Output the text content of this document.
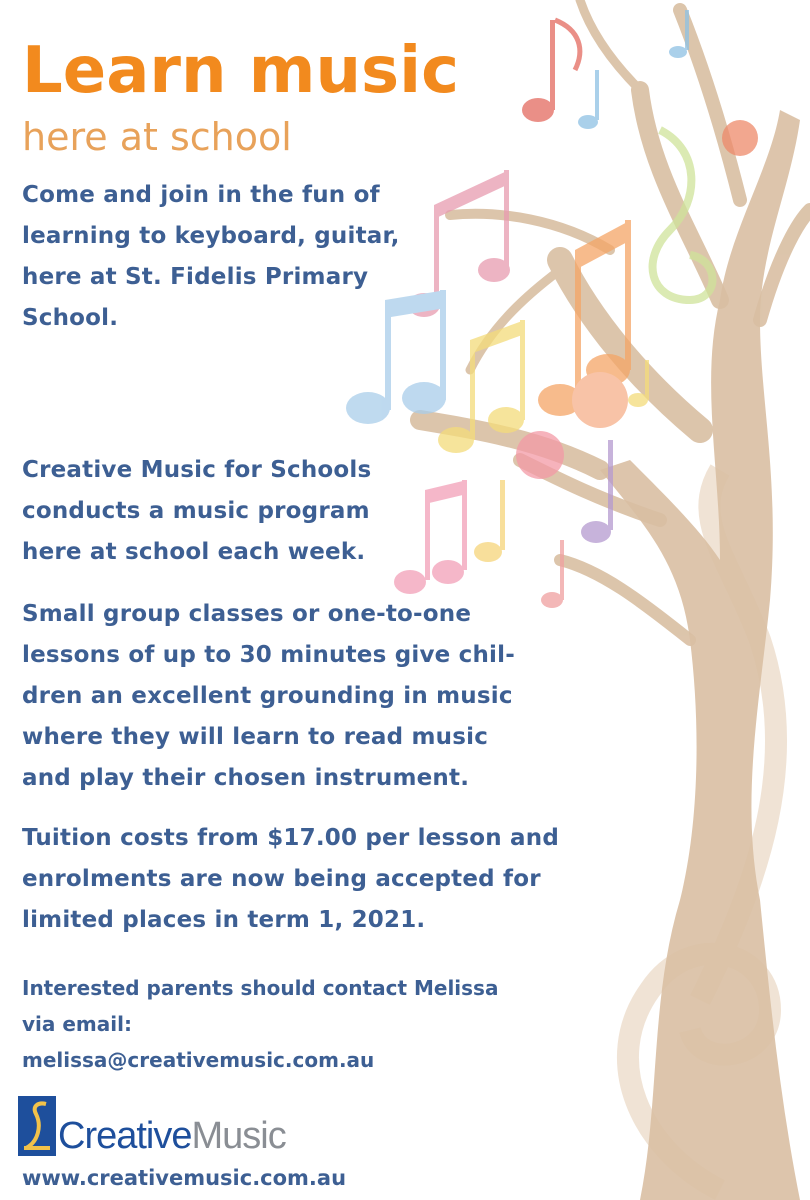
Learn music
here at school
Come and join in the fun of
learning to keyboard, guitar,
here at St. Fidelis Primary
School.
Creative Music for Schools
conducts a music program
here at school each week.
Small group classes or one-to-one
lessons of up to 30 minutes give chil-
dren an excellent grounding in music
where they will learn to read music
and play their chosen instrument.
Tuition costs from $17.00 per lesson and
enrolments are now being accepted for
limited places in term 1, 2021.
Interested parents should contact Melissa
via email:
melissa@creativemusic.com.au
Creative Music
www.creativemusic.com.au
